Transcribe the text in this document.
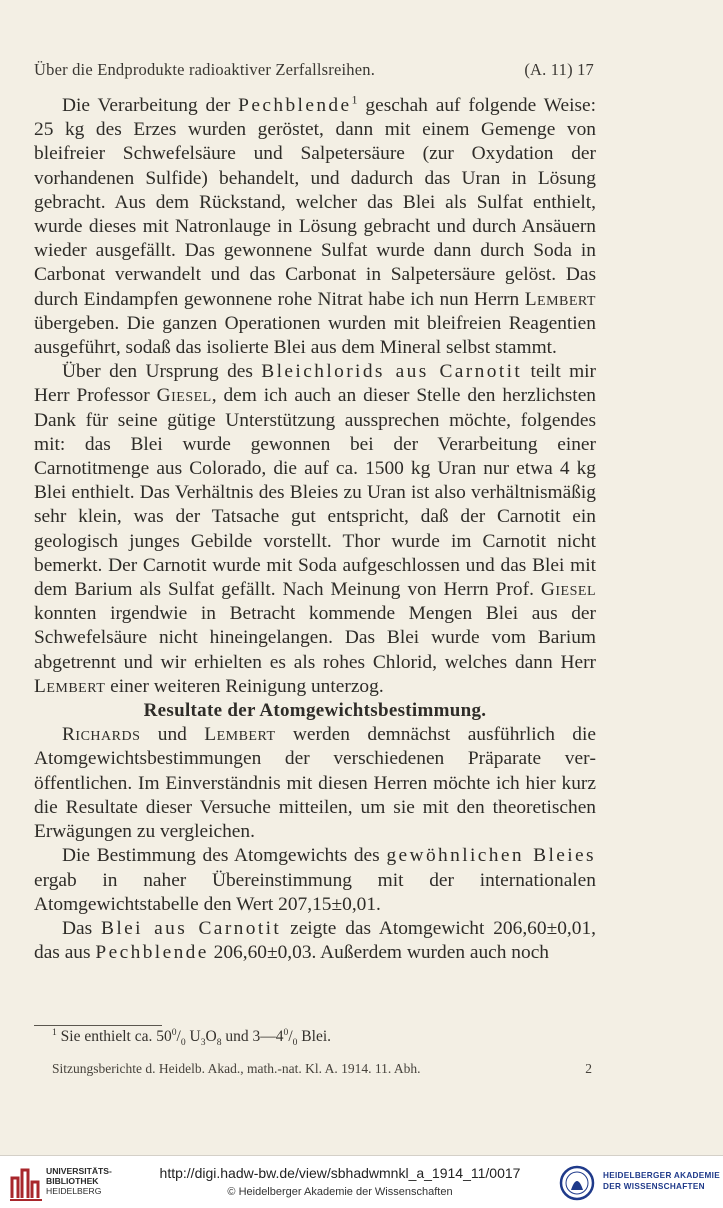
Über die Endprodukte radioaktiver Zerfallsreihen.	(A. 11) 17

Die Verarbeitung der Pechblende$^1$ geschah auf folgende Weise: 25 kg des Erzes wurden geröstet, dann mit einem Gemenge von bleifreier Schwefelsäure und Salpetersäure (zur Oxydation der vorhandenen Sulfide) behandelt, und dadurch das Uran in Lösung gebracht. Aus dem Rückstand, welcher das Blei als Sulfat enthielt, wurde dieses mit Natronlauge in Lösung gebracht und durch Ansäuern wieder ausgefällt. Das gewonnene Sulfat wurde dann durch Soda in Carbonat verwandelt und das Carbonat in Salpetersäure gelöst. Das durch Eindampfen gewonnene rohe Nitrat habe ich nun Herrn Lembert übergeben. Die ganzen Operationen wurden mit bleifreien Reagentien ausgeführt, sodaß das isolierte Blei aus dem Mineral selbst stammt.

Über den Ursprung des Bleichlorids aus Carnotit teilt mir Herr Professor Giesel, dem ich auch an dieser Stelle den herzlichsten Dank für seine gütige Unterstützung aussprechen möchte, folgendes mit: das Blei wurde gewonnen bei der Verarbeitung einer Carnotitmenge aus Colorado, die auf ca. 1500 kg Uran nur etwa 4 kg Blei enthielt. Das Verhältnis des Bleies zu Uran ist also verhältnismäßig sehr klein, was der Tatsache gut entspricht, daß der Carnotit ein geologisch junges Gebilde vorstellt. Thor wurde im Carnotit nicht bemerkt. Der Carnotit wurde mit Soda aufgeschlossen und das Blei mit dem Barium als Sulfat gefällt. Nach Meinung von Herrn Prof. Giesel konnten irgendwie in Betracht kommende Mengen Blei aus der Schwefelsäure nicht hineingelangen. Das Blei wurde vom Barium abgetrennt und wir erhielten es als rohes Chlorid, welches dann Herr Lembert einer weiteren Reinigung unterzog.

Resultate der Atomgewichtsbestimmung.

Richards und Lembert werden demnächst ausführlich die Atomgewichtsbestimmungen der verschiedenen Präparate veröffentlichen. Im Einverständnis mit diesen Herren möchte ich hier kurz die Resultate dieser Versuche mitteilen, um sie mit den theoretischen Erwägungen zu vergleichen.

Die Bestimmung des Atomgewichts des gewöhnlichen Bleies ergab in naher Übereinstimmung mit der internationalen Atomgewichtstabelle den Wert 207,15±0,01.

Das Blei aus Carnotit zeigte das Atomgewicht 206,60±0,01, das aus Pechblende 206,60±0,03. Außerdem wurden auch noch

$^1$ Sie enthielt ca. $50^0/_0$ $U_3O_8$ und $3—4^0/_0$ Blei.
Sitzungsberichte d. Heidelb. Akad., math.-nat. Kl. A. 1914. 11. Abh.	2
UNIVERSITÄTS-
BIBLIOTHEK
HEIDELBERG
http://digi.hadw-bw.de/view/sbhadwmnkl_a_1914_11/0017
© Heidelberger Akademie der Wissenschaften
HEIDELBERGER AKADEMIE
DER WISSENSCHAFTEN
